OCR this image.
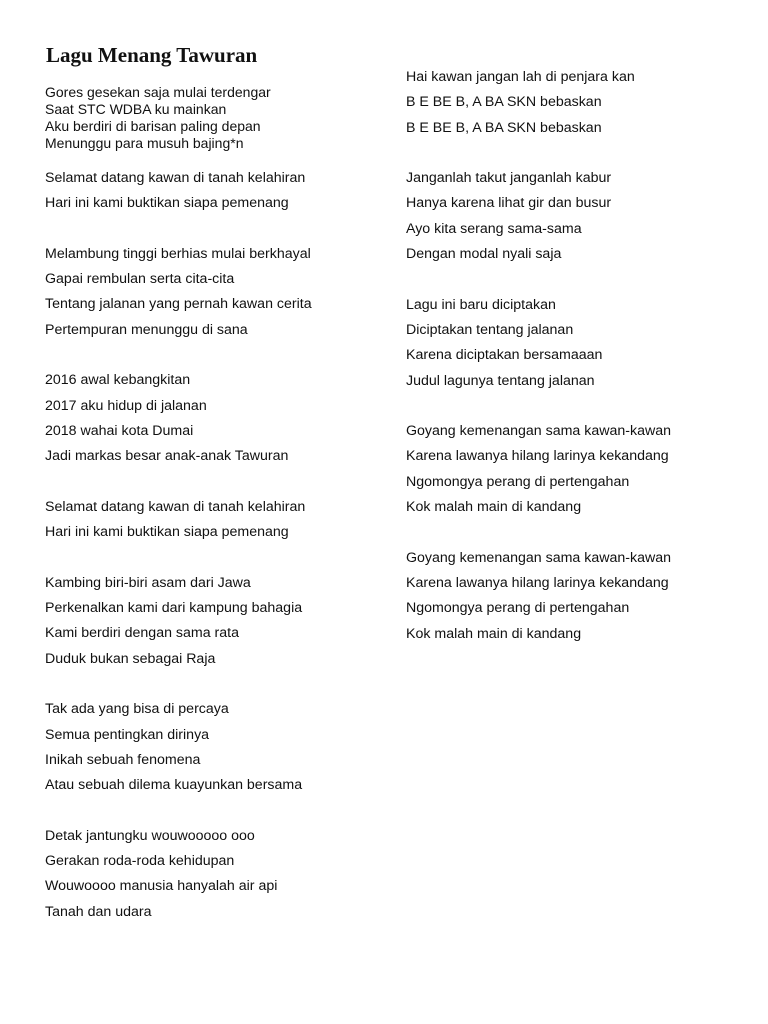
Lagu Menang Tawuran
Gores gesekan saja mulai terdengar
Saat STC WDBA ku mainkan
Aku berdiri di barisan paling depan
Menunggu para musuh bajing*n
Selamat datang kawan di tanah kelahiran
Hari ini kami buktikan siapa pemenang
Melambung tinggi berhias mulai berkhayal
Gapai rembulan serta cita-cita
Tentang jalanan yang pernah kawan cerita
Pertempuran menunggu di sana
2016 awal kebangkitan
2017 aku hidup di jalanan
2018 wahai kota Dumai
Jadi markas besar anak-anak Tawuran
Selamat datang kawan di tanah kelahiran
Hari ini kami buktikan siapa pemenang
Kambing biri-biri asam dari Jawa
Perkenalkan kami dari kampung bahagia
Kami berdiri dengan sama rata
Duduk bukan sebagai Raja
Tak ada yang bisa di percaya
Semua pentingkan dirinya
Inikah sebuah fenomena
Atau sebuah dilema kuayunkan bersama
Detak jantungku wouwooooo ooo
Gerakan roda-roda kehidupan
Wouwoooo manusia hanyalah air api
Tanah dan udara
Hai kawan jangan lah di penjara kan
B E BE B, A BA SKN bebaskan
B E BE B, A BA SKN bebaskan
Janganlah takut janganlah kabur
Hanya karena lihat gir dan busur
Ayo kita serang sama-sama
Dengan modal nyali saja
Lagu ini baru diciptakan
Diciptakan tentang jalanan
Karena diciptakan bersamaaan
Judul lagunya tentang jalanan
Goyang kemenangan sama kawan-kawan
Karena lawanya hilang larinya kekandang
Ngomongya perang di pertengahan
Kok malah main di kandang
Goyang kemenangan sama kawan-kawan
Karena lawanya hilang larinya kekandang
Ngomongya perang di pertengahan
Kok malah main di kandang
